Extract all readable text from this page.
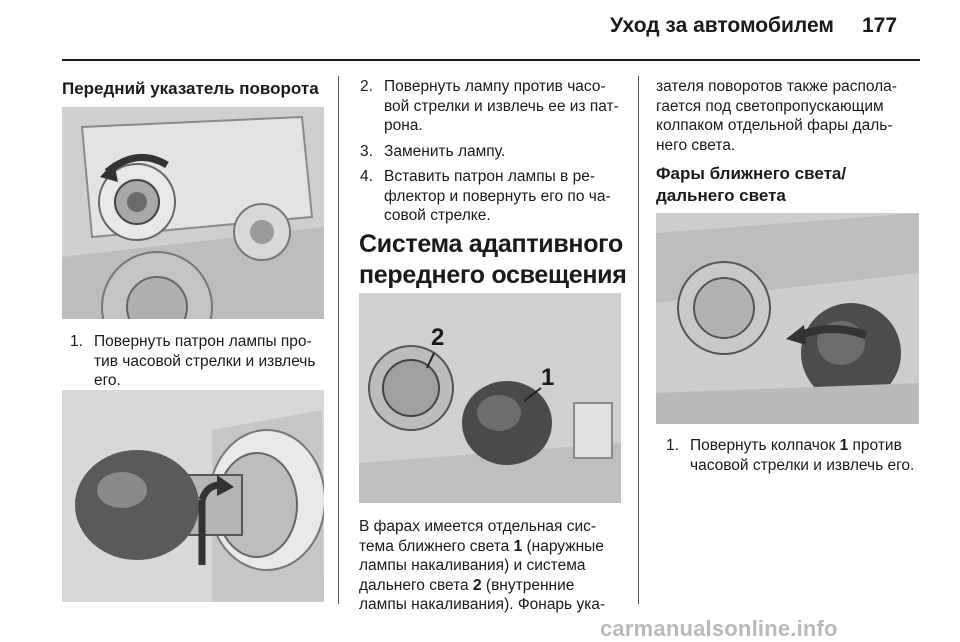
Уход за автомобилем 177
Передний указатель поворота
1. Повернуть патрон лампы про-тив часовой стрелки и извлечь его.
2. Повернуть лампу против часо-вой стрелки и извлечь ее из пат-рона.
3. Заменить лампу.
4. Вставить патрон лампы в ре-флектор и повернуть его по ча-совой стрелке.
Система адаптивного переднего освещения
2
1

В фарах имеется отдельная сис-тема ближнего света 1 (наружные лампы накаливания) и система дальнего света 2 (внутренние лампы накаливания). Фонарь ука-

зателя поворотов также распола-гается под светопропускающим колпаком отдельной фары даль-него света.

Фары ближнего света/ дальнего света
1. Повернуть колпачок 1 против часовой стрелки и извлечь его.
carmanualsonline.info
